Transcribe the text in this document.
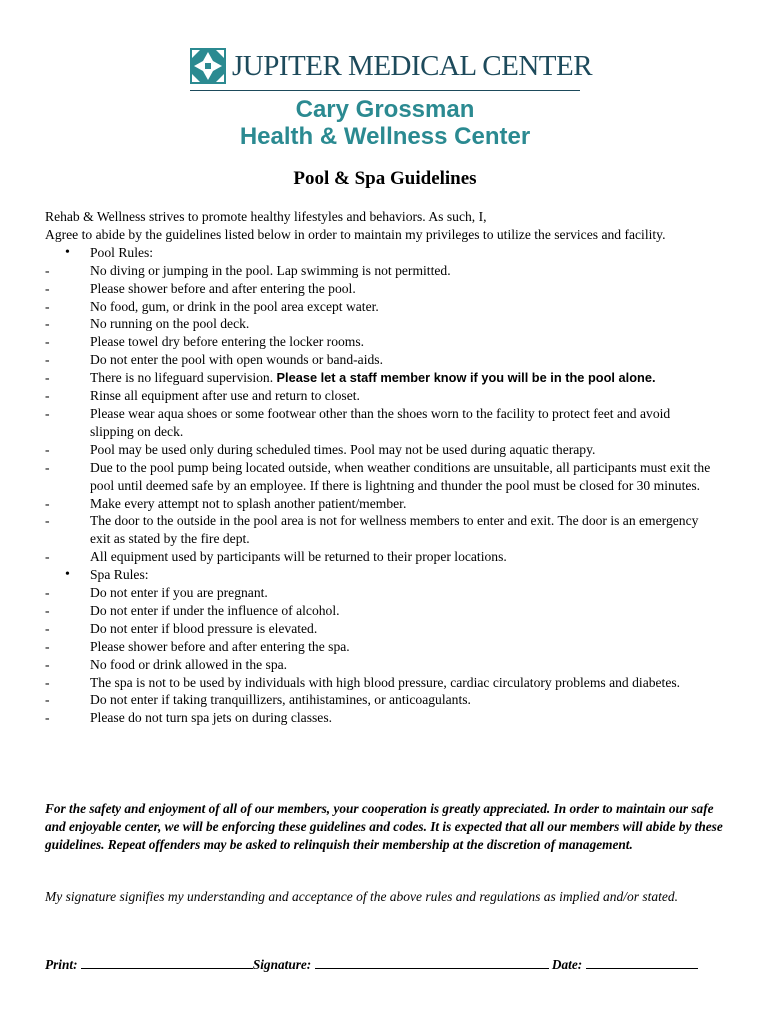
JUPITER MEDICAL CENTER
Cary Grossman
Health & Wellness Center
Pool & Spa Guidelines

Rehab & Wellness strives to promote healthy lifestyles and behaviors. As such, I,

Agree to abide by the guidelines listed below in order to maintain my privileges to utilize the services and facility.

•	Pool Rules:
-	No diving or jumping in the pool. Lap swimming is not permitted.
-	Please shower before and after entering the pool.
-	No food, gum, or drink in the pool area except water.
-	No running on the pool deck.
-	Please towel dry before entering the locker rooms.
-	Do not enter the pool with open wounds or band-aids.
-	There is no lifeguard supervision. Please let a staff member know if you will be in the pool alone.
-	Rinse all equipment after use and return to closet.
-	Please wear aqua shoes or some footwear other than the shoes worn to the facility to protect feet and avoid slipping on deck.
-	Pool may be used only during scheduled times. Pool may not be used during aquatic therapy.
-	Due to the pool pump being located outside, when weather conditions are unsuitable, all participants must exit the pool until deemed safe by an employee. If there is lightning and thunder the pool must be closed for 30 minutes.
-	Make every attempt not to splash another patient/member.
-	The door to the outside in the pool area is not for wellness members to enter and exit. The door is an emergency exit as stated by the fire dept.
-	All equipment used by participants will be returned to their proper locations.
•	Spa Rules:
-	Do not enter if you are pregnant.
-	Do not enter if under the influence of alcohol.
-	Do not enter if blood pressure is elevated.
-	Please shower before and after entering the spa.
-	No food or drink allowed in the spa.
-	The spa is not to be used by individuals with high blood pressure, cardiac circulatory problems and diabetes.
-	Do not enter if taking tranquillizers, antihistamines, or anticoagulants.
-	Please do not turn spa jets on during classes.
For the safety and enjoyment of all of our members, your cooperation is greatly appreciated. In order to maintain our safe and enjoyable center, we will be enforcing these guidelines and codes. It is expected that all our members will abide by these guidelines. Repeat offenders may be asked to relinquish their membership at the discretion of management.
My signature signifies my understanding and acceptance of the above rules and regulations as implied and/or stated.
Print:	Signature:	Date:
